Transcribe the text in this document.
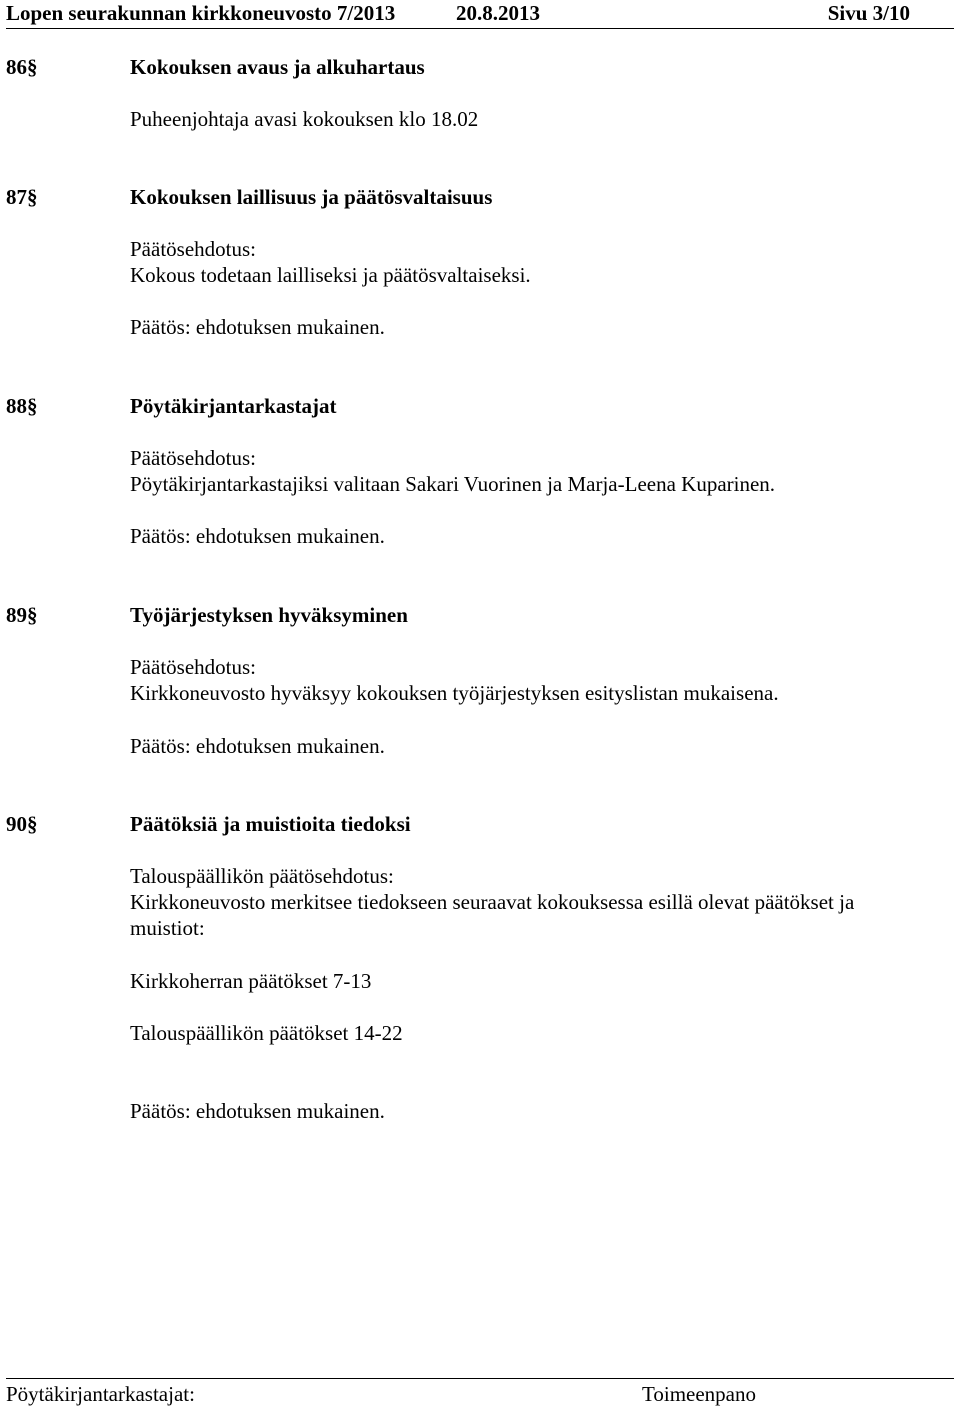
Lopen seurakunnan kirkkoneuvosto 7/2013	20.8.2013	Sivu 3/10
86§	Kokouksen avaus ja alkuhartaus
Puheenjohtaja avasi kokouksen klo 18.02
87§	Kokouksen laillisuus ja päätösvaltaisuus
Päätösehdotus:
Kokous todetaan lailliseksi ja päätösvaltaiseksi.
Päätös: ehdotuksen mukainen.
88§	Pöytäkirjantarkastajat
Päätösehdotus:
Pöytäkirjantarkastajiksi valitaan Sakari Vuorinen ja Marja-Leena Kuparinen.
Päätös: ehdotuksen mukainen.
89§	Työjärjestyksen hyväksyminen
Päätösehdotus:
Kirkkoneuvosto hyväksyy kokouksen työjärjestyksen esityslistan mukaisena.
Päätös: ehdotuksen mukainen.
90§	Päätöksiä ja muistioita tiedoksi
Talouspäällikön päätösehdotus:
Kirkkoneuvosto merkitsee tiedokseen seuraavat kokouksessa esillä olevat päätökset ja
muistiot:
Kirkkoherran päätökset 7-13
Talouspäällikön päätökset 14-22
Päätös: ehdotuksen mukainen.
Pöytäkirjantarkastajat:	Toimeenpano
